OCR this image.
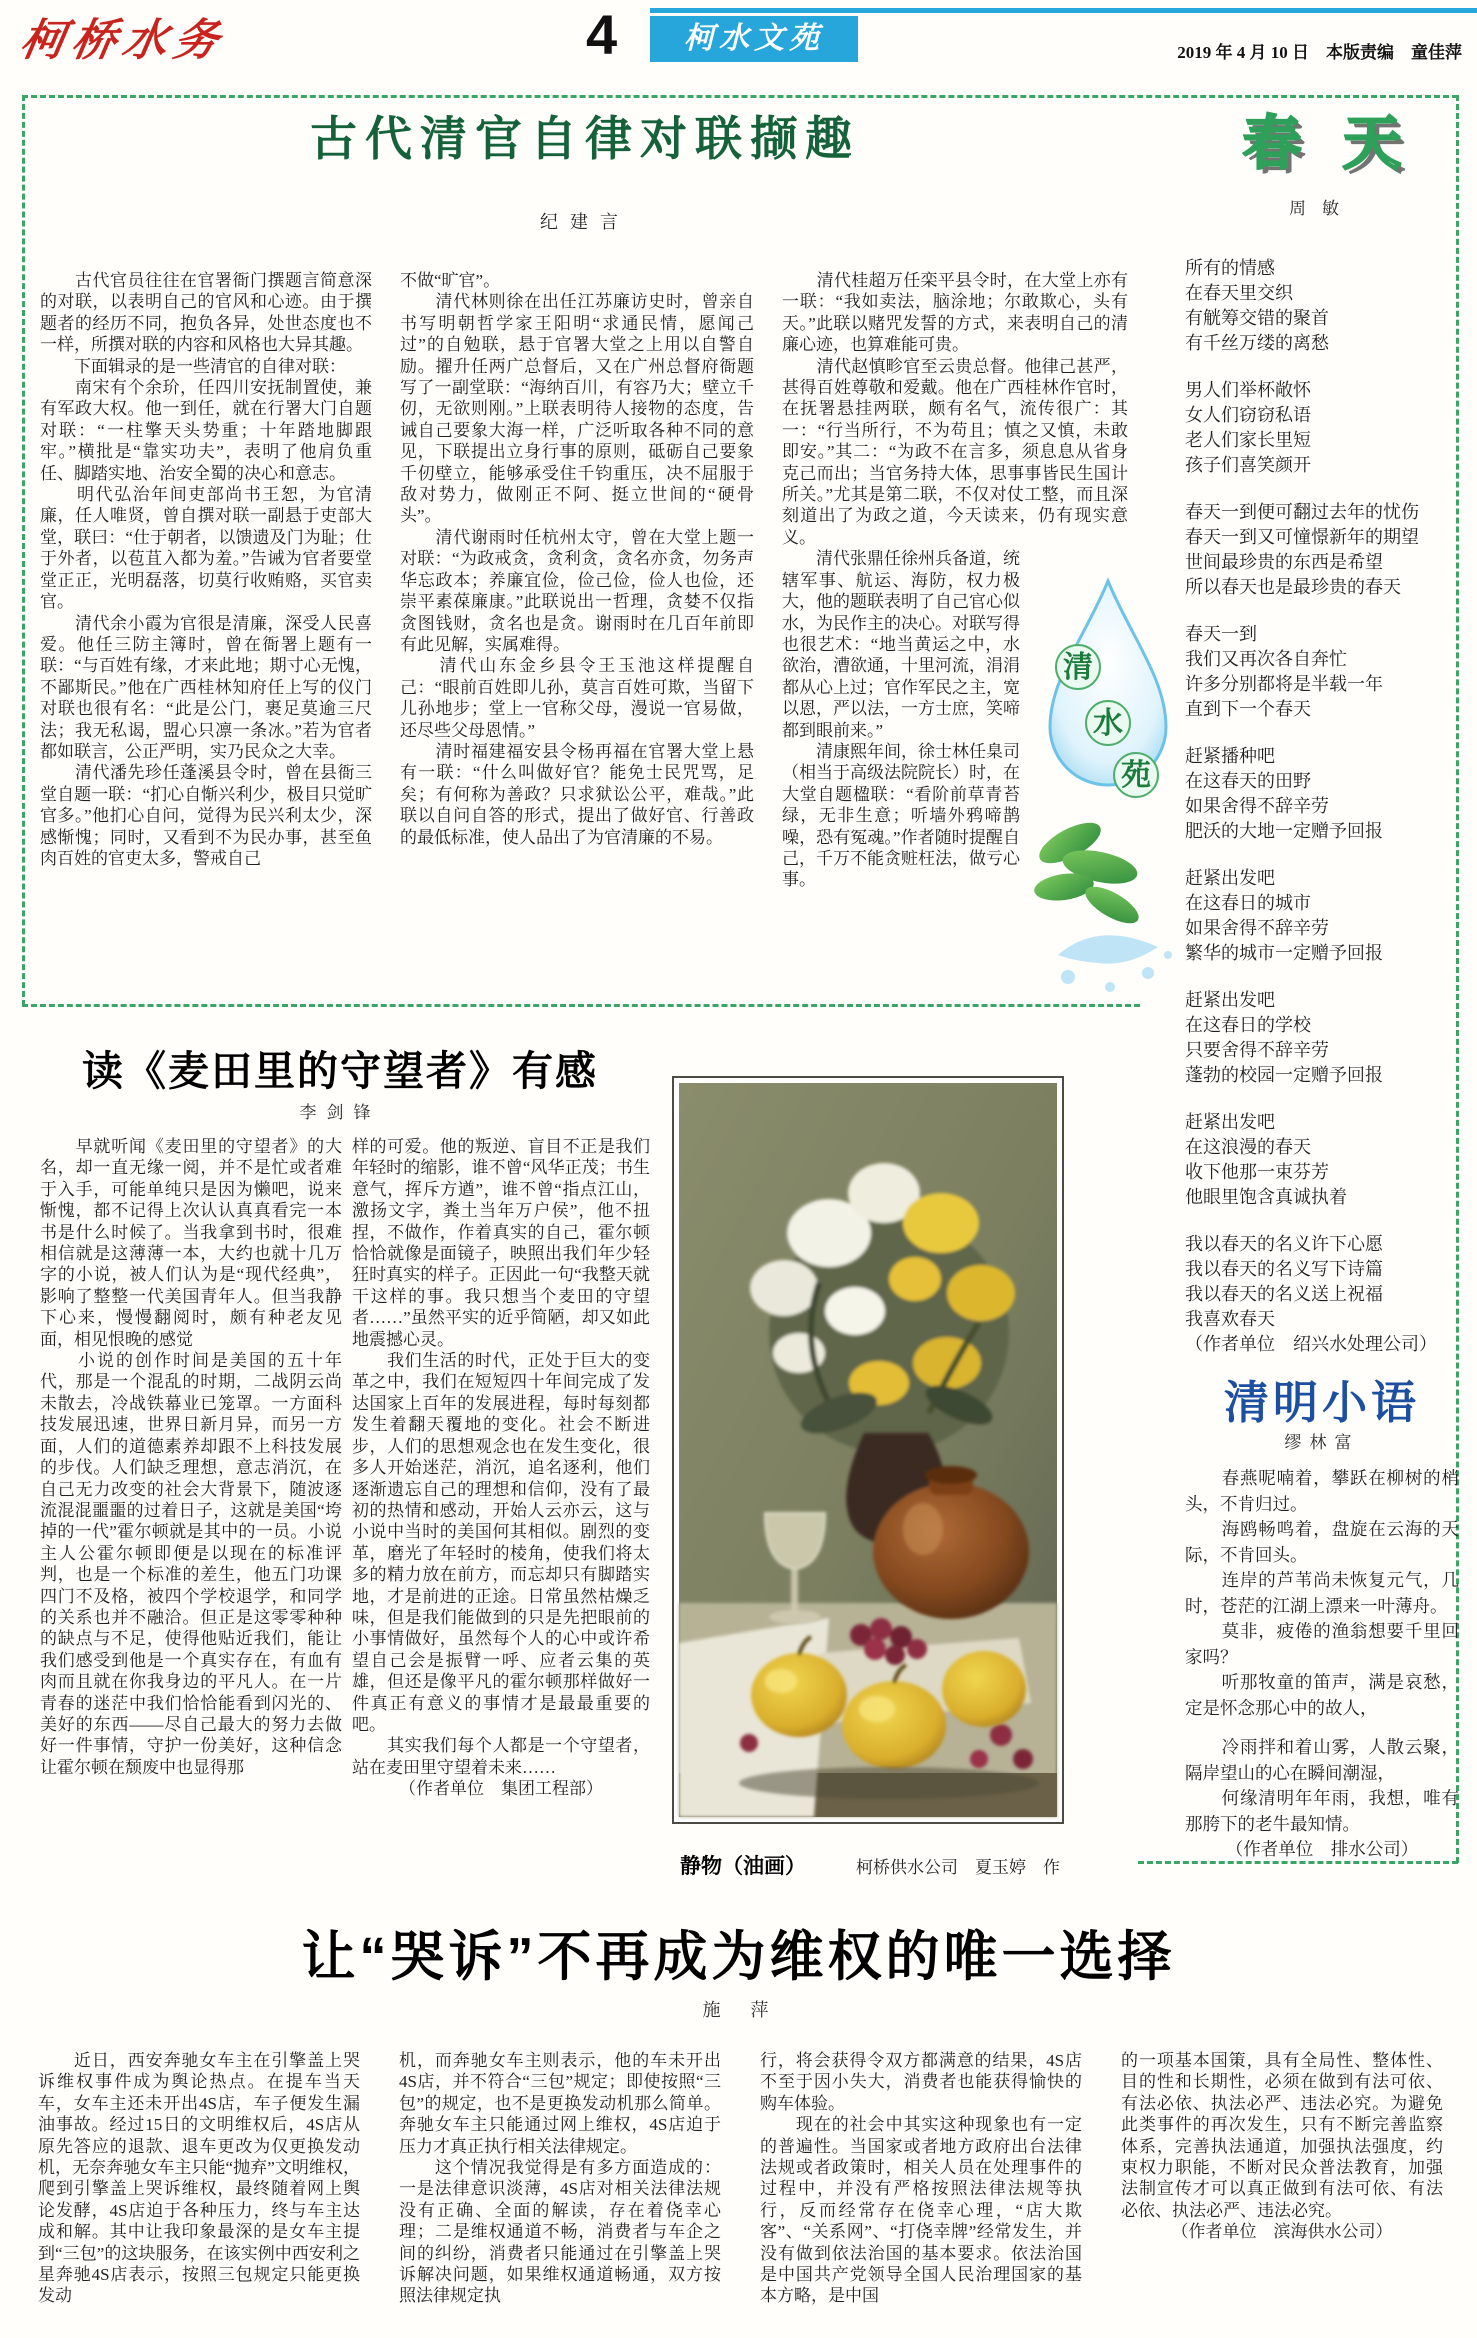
柯桥水务	4	柯水文苑	2019 年 4 月 10 日　本版责编　童佳萍
古代清官自律对联撷趣
纪建言

　　古代官员往往在官署衙门撰题言简意深的对联，以表明自己的官风和心迹。由于撰题者的经历不同，抱负各异，处世态度也不一样，所撰对联的内容和风格也大异其趣。

　　下面辑录的是一些清官的自律对联：

　　南宋有个余玠，任四川安抚制置使，兼有军政大权。他一到任，就在行署大门自题对联：“一柱擎天头势重；十年踏地脚跟牢。”横批是“靠实功夫”，表明了他肩负重任、脚踏实地、治安全蜀的决心和意志。

　　明代弘治年间吏部尚书王恕，为官清廉，任人唯贤，曾自撰对联一副悬于吏部大堂，联曰：“仕于朝者，以馈遗及门为耻；仕于外者，以苞苴入都为羞。”告诫为官者要堂堂正正，光明磊落，切莫行收贿赂，买官卖官。

　　清代余小霞为官很是清廉，深受人民喜爱。他任三防主簿时，曾在衙署上题有一联：“与百姓有缘，才来此地；期寸心无愧，不鄙斯民。”他在广西桂林知府任上写的仪门对联也很有名：“此是公门，裹足莫逾三尺法；我无私谒，盟心只凛一条冰。”若为官者都如联言，公正严明，实乃民众之大幸。

　　清代潘先珍任蓬溪县令时，曾在县衙三堂自题一联：“扪心自惭兴利少，极目只觉旷官多。”他扪心自问，觉得为民兴利太少，深感惭愧；同时，又看到不为民办事，甚至鱼肉百姓的官吏太多，警戒自己

不做“旷官”。

　　清代林则徐在出任江苏廉访史时，曾亲自书写明朝哲学家王阳明“求通民情，愿闻己过”的自勉联，悬于官署大堂之上用以自警自励。擢升任两广总督后，又在广州总督府衙题写了一副堂联：“海纳百川，有容乃大；壁立千仞，无欲则刚。”上联表明待人接物的态度，告诫自己要象大海一样，广泛听取各种不同的意见，下联提出立身行事的原则，砥砺自己要象千仞壁立，能够承受住千钧重压，决不屈服于敌对势力，做刚正不阿、挺立世间的“硬骨头”。

　　清代谢雨时任杭州太守，曾在大堂上题一对联：“为政戒贪，贪利贪，贪名亦贪，勿务声华忘政本；养廉宜俭，俭己俭，俭人也俭，还崇平素葆廉康。”此联说出一哲理，贪婪不仅指贪图钱财，贪名也是贪。谢雨时在几百年前即有此见解，实属难得。

　　清代山东金乡县令王玉池这样提醒自己：“眼前百姓即儿孙，莫言百姓可欺，当留下儿孙地步；堂上一官称父母，漫说一官易做，还尽些父母恩情。”

　　清时福建福安县令杨再福在官署大堂上悬有一联：“什么叫做好官？能免士民咒骂，足矣；有何称为善政？只求狱讼公平，难哉。”此联以自问自答的形式，提出了做好官、行善政的最低标准，使人品出了为官清廉的不易。

　　清代桂超万任栾平县令时，在大堂上亦有一联：“我如卖法，脑涂地；尔敢欺心，头有天。”此联以赌咒发誓的方式，来表明自己的清廉心迹，也算难能可贵。

　　清代赵慎畛官至云贵总督。他律己甚严，甚得百姓尊敬和爱戴。他在广西桂林作官时，在抚署悬挂两联，颇有名气，流传很广：其一：“行当所行，不为苟且；慎之又慎，未敢即安。”其二：“为政不在言多，须息息从省身克己而出；当官务持大体，思事事皆民生国计所关。”尤其是第二联，不仅对仗工整，而且深刻道出了为政之道，今天读来，仍有现实意义。

　　清代张鼎任徐州兵备道，统辖军事、航运、海防，权力极大，他的题联表明了自己官心似水，为民作主的决心。对联写得也很艺术：“地当黄运之中，水欲治，漕欲通，十里河流，涓涓都从心上过；官作军民之主，宽以恩，严以法，一方士庶，笑啼都到眼前来。”

　　清康熙年间，徐士林任臬司（相当于高级法院院长）时，在大堂自题楹联：“看阶前草青苔绿，无非生意；听墙外鸦啼鹊噪，恐有冤魂。”作者随时提醒自己，千万不能贪赃枉法，做亏心事。

清
水
苑
春天
周敏
所有的情感
在春天里交织
有觥筹交错的聚首
有千丝万缕的离愁
男人们举杯敞怀
女人们窃窃私语
老人们家长里短
孩子们喜笑颜开
春天一到便可翻过去年的忧伤
春天一到又可憧憬新年的期望
世间最珍贵的东西是希望
所以春天也是最珍贵的春天
春天一到
我们又再次各自奔忙
许多分别都将是半载一年
直到下一个春天
赶紧播种吧
在这春天的田野
如果舍得不辞辛劳
肥沃的大地一定赠予回报
赶紧出发吧
在这春日的城市
如果舍得不辞辛劳
繁华的城市一定赠予回报
赶紧出发吧
在这春日的学校
只要舍得不辞辛劳
蓬勃的校园一定赠予回报
赶紧出发吧
在这浪漫的春天
收下他那一束芬芳
他眼里饱含真诚执着
我以春天的名义许下心愿
我以春天的名义写下诗篇
我以春天的名义送上祝福
我喜欢春天
（作者单位　绍兴水处理公司）
清明小语
缪林富

　　春燕呢喃着，攀跃在柳树的梢头，不肯归过。

　　海鸥畅鸣着，盘旋在云海的天际，不肯回头。

　　连岸的芦苇尚未恢复元气，几时，苍茫的江湖上漂来一叶薄舟。

　　莫非，疲倦的渔翁想要千里回家吗？

　　听那牧童的笛声，满是哀愁，定是怀念那心中的故人，

　　冷雨拌和着山雾，人散云聚，隔岸望山的心在瞬间潮湿，

　　何缘清明年年雨，我想，唯有那胯下的老牛最知情。

（作者单位　排水公司）

读《麦田里的守望者》有感
李剑锋

　　早就听闻《麦田里的守望者》的大名，却一直无缘一阅，并不是忙或者难于入手，可能单纯只是因为懒吧，说来惭愧，都不记得上次认认真真看完一本书是什么时候了。当我拿到书时，很难相信就是这薄薄一本，大约也就十几万字的小说，被人们认为是“现代经典”，影响了整整一代美国青年人。但当我静下心来，慢慢翻阅时，颇有种老友见面，相见恨晚的感觉

　　小说的创作时间是美国的五十年代，那是一个混乱的时期，二战阴云尚未散去，冷战铁幕业已笼罩。一方面科技发展迅速，世界日新月异，而另一方面，人们的道德素养却跟不上科技发展的步伐。人们缺乏理想，意志消沉，在自己无力改变的社会大背景下，随波逐流混混噩噩的过着日子，这就是美国“垮掉的一代”霍尔顿就是其中的一员。小说主人公霍尔顿即便是以现在的标准评判，也是一个标准的差生，他五门功课四门不及格，被四个学校退学，和同学的关系也并不融洽。但正是这零零种种的缺点与不足，使得他贴近我们，能让我们感受到他是一个真实存在，有血有肉而且就在你我身边的平凡人。在一片青春的迷茫中我们恰恰能看到闪光的、美好的东西——尽自己最大的努力去做好一件事情，守护一份美好，这种信念让霍尔顿在颓废中也显得那

样的可爱。他的叛逆、盲目不正是我们年轻时的缩影，谁不曾“风华正茂；书生意气，挥斥方遒”，谁不曾“指点江山，激扬文字，粪土当年万户侯”，他不扭捏，不做作，作着真实的自己，霍尔顿恰恰就像是面镜子，映照出我们年少轻狂时真实的样子。正因此一句“我整天就干这样的事。我只想当个麦田的守望者……”虽然平实的近乎简陋，却又如此地震撼心灵。

　　我们生活的时代，正处于巨大的变革之中，我们在短短四十年间完成了发达国家上百年的发展进程，每时每刻都发生着翻天覆地的变化。社会不断进步，人们的思想观念也在发生变化，很多人开始迷茫，消沉，追名逐利，他们逐渐遗忘自己的理想和信仰，没有了最初的热情和感动，开始人云亦云，这与小说中当时的美国何其相似。剧烈的变革，磨光了年轻时的棱角，使我们将太多的精力放在前方，而忘却只有脚踏实地，才是前进的正途。日常虽然枯燥乏味，但是我们能做到的只是先把眼前的小事情做好，虽然每个人的心中或许希望自己会是振臂一呼、应者云集的英雄，但还是像平凡的霍尔顿那样做好一件真正有意义的事情才是最最重要的吧。

　　其实我们每个人都是一个守望者，站在麦田里守望着未来……

（作者单位　集团工程部）

静物（油画）	柯桥供水公司　夏玉婷　作
让“哭诉”不再成为维权的唯一选择
施　萍

　　近日，西安奔驰女车主在引擎盖上哭诉维权事件成为舆论热点。在提车当天车，女车主还未开出4S店，车子便发生漏油事故。经过15日的文明维权后，4S店从原先答应的退款、退车更改为仅更换发动机，无奈奔驰女车主只能“抛弃”文明维权，爬到引擎盖上哭诉维权，最终随着网上舆论发酵，4S店迫于各种压力，终与车主达成和解。其中让我印象最深的是女车主提到“三包”的这块服务，在该实例中西安利之星奔驰4S店表示，按照三包规定只能更换发动

机，而奔驰女车主则表示，他的车未开出4S店，并不符合“三包”规定；即使按照“三包”的规定，也不是更换发动机那么简单。奔驰女车主只能通过网上维权，4S店迫于压力才真正执行相关法律规定。

　　这个情况我觉得是有多方面造成的：一是法律意识淡薄，4S店对相关法律法规没有正确、全面的解读，存在着侥幸心理；二是维权通道不畅，消费者与车企之间的纠纷，消费者只能通过在引擎盖上哭诉解决问题，如果维权通道畅通，双方按照法律规定执

行，将会获得令双方都满意的结果，4S店不至于因小失大，消费者也能获得愉快的购车体验。

　　现在的社会中其实这种现象也有一定的普遍性。当国家或者地方政府出台法律法规或者政策时，相关人员在处理事件的过程中，并没有严格按照法律法规等执行，反而经常存在侥幸心理，“店大欺客”、“关系网”、“打侥幸牌”经常发生，并没有做到依法治国的基本要求。依法治国是中国共产党领导全国人民治理国家的基本方略，是中国

的一项基本国策，具有全局性、整体性、目的性和长期性，必须在做到有法可依、有法必依、执法必严、违法必究。为避免此类事件的再次发生，只有不断完善监察体系，完善执法通道，加强执法强度，约束权力职能，不断对民众普法教育，加强法制宣传才可以真正做到有法可依、有法必依、执法必严、违法必究。

（作者单位　滨海供水公司）
